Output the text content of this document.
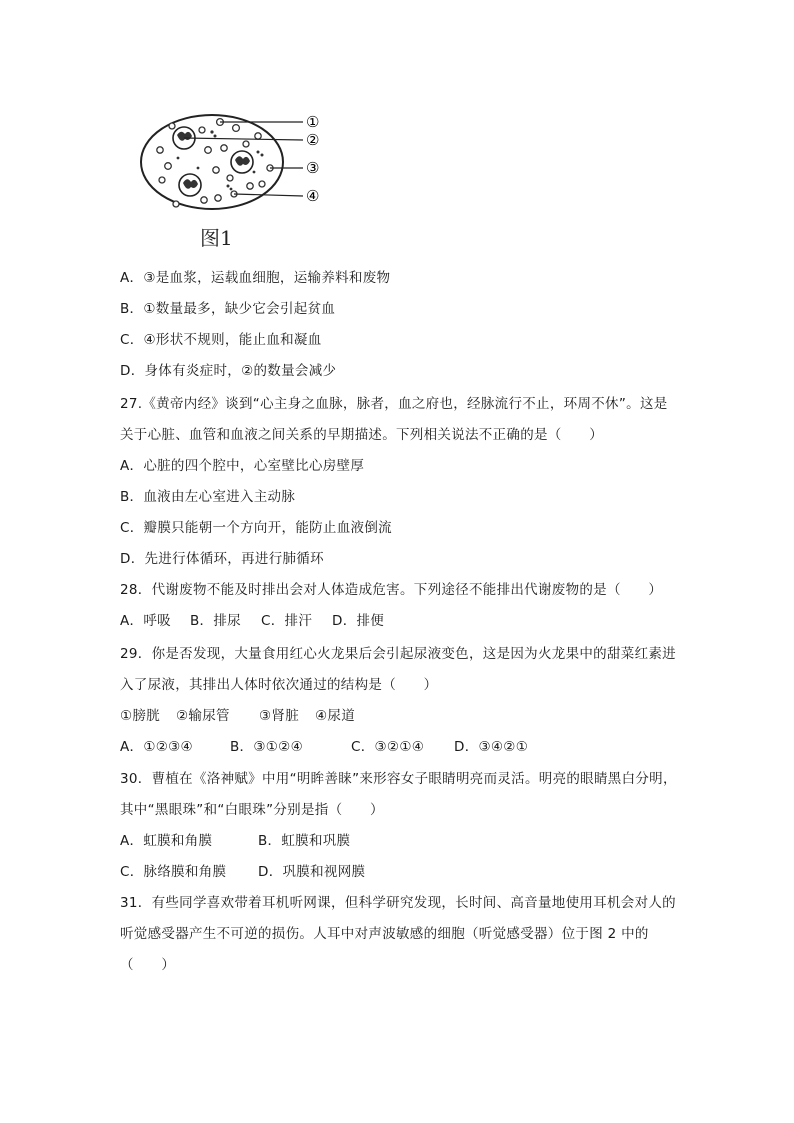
①
②
③
④
图1
A．③是血浆，运载血细胞，运输养料和废物
B．①数量最多，缺少它会引起贫血
C．④形状不规则，能止血和凝血
D．身体有炎症时，②的数量会减少
27.《黄帝内经》谈到“心主身之血脉，脉者，血之府也，经脉流行不止，环周不休”。这是
关于心脏、血管和血液之间关系的早期描述。下列相关说法不正确的是（　　）
A．心脏的四个腔中，心室壁比心房壁厚
B．血液由左心室进入主动脉
C．瓣膜只能朝一个方向开，能防止血液倒流
D．先进行体循环，再进行肺循环
28．代谢废物不能及时排出会对人体造成危害。下列途径不能排出代谢废物的是（　　）
A．呼吸 B．排尿 C．排汗 D．排便
29．你是否发现，大量食用红心火龙果后会引起尿液变色，这是因为火龙果中的甜菜红素进
入了尿液，其排出人体时依次通过的结构是（　　）
①膀胱 ②输尿管 ③肾脏 ④尿道
A．①②③④	B．③①②④	C．③②①④ D．③④②①
30．曹植在《洛神赋》中用“明眸善睐”来形容女子眼睛明亮而灵活。明亮的眼睛黑白分明，
其中“黑眼珠”和“白眼珠”分别是指（　　）
A．虹膜和角膜	B．虹膜和巩膜
C．脉络膜和角膜 D．巩膜和视网膜
31．有些同学喜欢带着耳机听网课，但科学研究发现，长时间、高音量地使用耳机会对人的
听觉感受器产生不可逆的损伤。人耳中对声波敏感的细胞（听觉感受器）位于图 2 中的
（　　）
